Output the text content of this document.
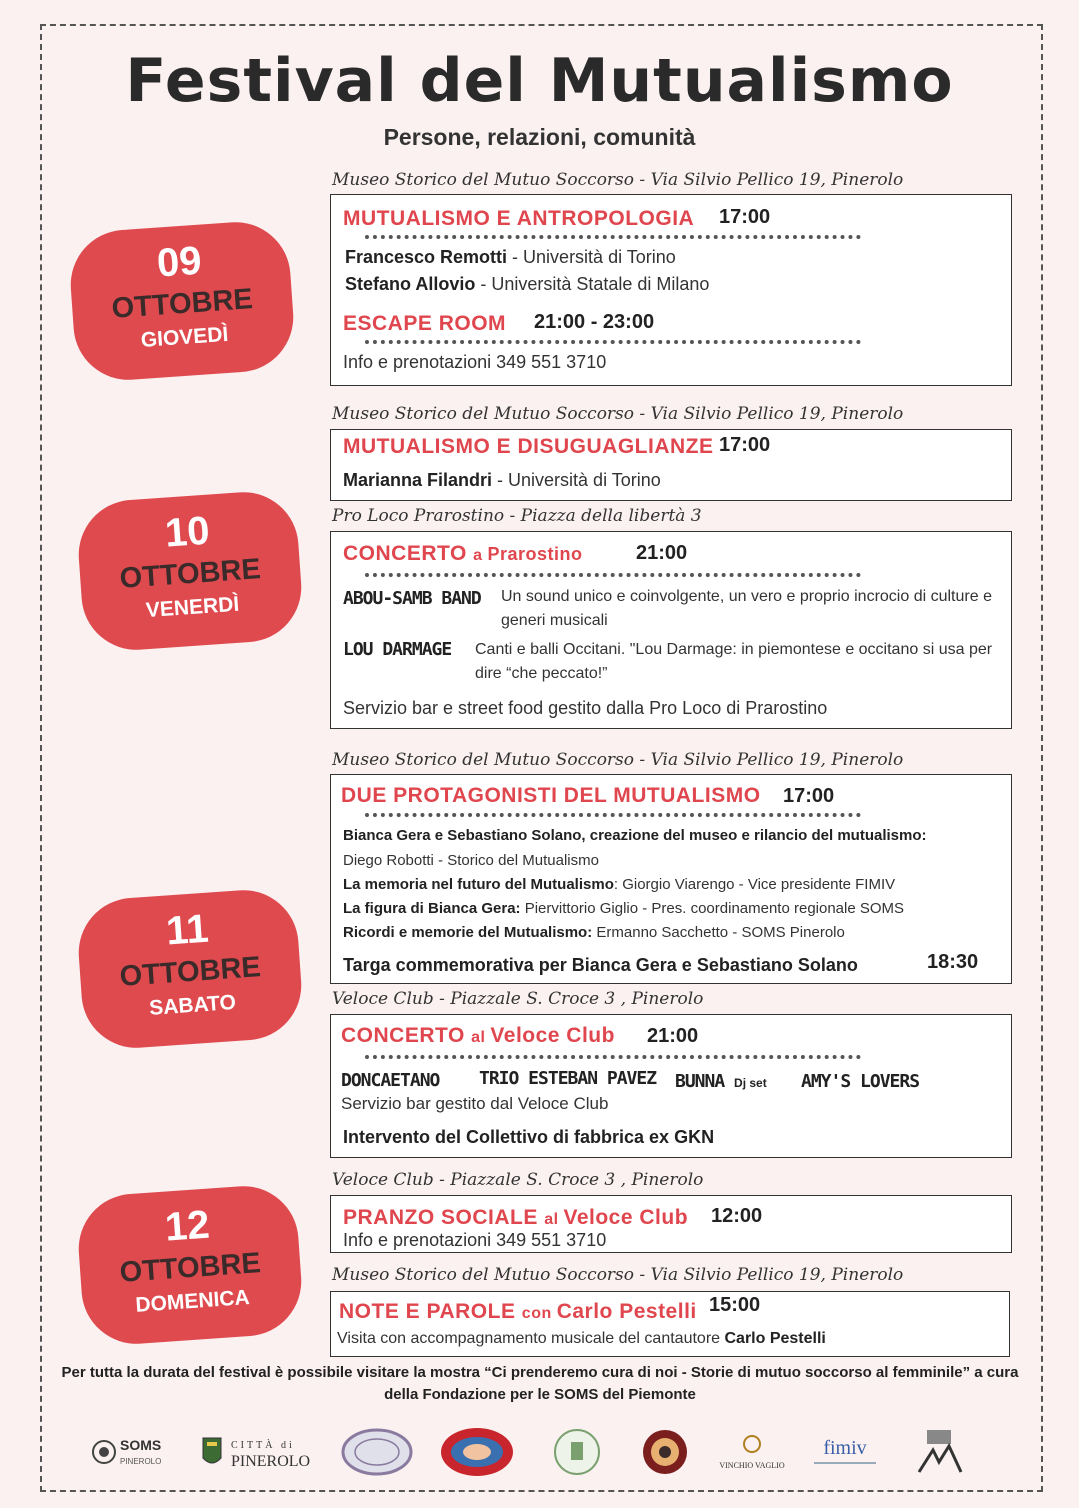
Festival del Mutualismo
Persone, relazioni, comunità
09
OTTOBRE
GIOVEDÌ
10
OTTOBRE
VENERDÌ
11
OTTOBRE
SABATO
12
OTTOBRE
DOMENICA
Museo Storico del Mutuo Soccorso - Via Silvio Pellico 19, Pinerolo
MUTUALISMO E ANTROPOLOGIA 17:00
Francesco Remotti - Università di Torino
Stefano Allovio - Università Statale di Milano
ESCAPE ROOM 21:00 - 23:00
Info e prenotazioni 349 551 3710
Museo Storico del Mutuo Soccorso - Via Silvio Pellico 19, Pinerolo
MUTUALISMO E DISUGUAGLIANZE 17:00
Marianna Filandri - Università di Torino
Pro Loco Prarostino - Piazza della libertà 3
CONCERTO a Prarostino	21:00
ABOU-SAMB BAND Un sound unico e coinvolgente, un vero e proprio incrocio di culture e generi musicali
LOU DARMAGE Canti e balli Occitani. "Lou Darmage: in piemontese e occitano si usa per dire “che peccato!”
Servizio bar e street food gestito dalla Pro Loco di Prarostino
Museo Storico del Mutuo Soccorso - Via Silvio Pellico 19, Pinerolo
DUE PROTAGONISTI DEL MUTUALISMO 17:00
Bianca Gera e Sebastiano Solano, creazione del museo e rilancio del mutualismo:
Diego Robotti - Storico del Mutualismo
La memoria nel futuro del Mutualismo: Giorgio Viarengo - Vice presidente FIMIV
La figura di Bianca Gera: Piervittorio Giglio - Pres. coordinamento regionale SOMS
Ricordi e memorie del Mutualismo: Ermanno Sacchetto - SOMS Pinerolo
Targa commemorativa per Bianca Gera e Sebastiano Solano	18:30
Veloce Club - Piazzale S. Croce 3 , Pinerolo
CONCERTO al Veloce Club 21:00
DONCAETANO TRIO ESTEBAN PAVEZ BUNNA Dj set AMY'S LOVERS
Servizio bar gestito dal Veloce Club
Intervento del Collettivo di fabbrica ex GKN
Veloce Club - Piazzale S. Croce 3 , Pinerolo
PRANZO SOCIALE al Veloce Club 12:00
Info e prenotazioni 349 551 3710
Museo Storico del Mutuo Soccorso - Via Silvio Pellico 19, Pinerolo
NOTE E PAROLE con Carlo Pestelli 15:00
Visita con accompagnamento musicale del cantautore Carlo Pestelli
Per tutta la durata del festival è possibile visitare la mostra “Ci prenderemo cura di noi - Storie di mutuo soccorso al femminile” a cura della Fondazione per le SOMS del Piemonte
SOMS
PINEROLO
CITTÀ di
PINEROLO	VINCHIO VAGLIO
fimiv
